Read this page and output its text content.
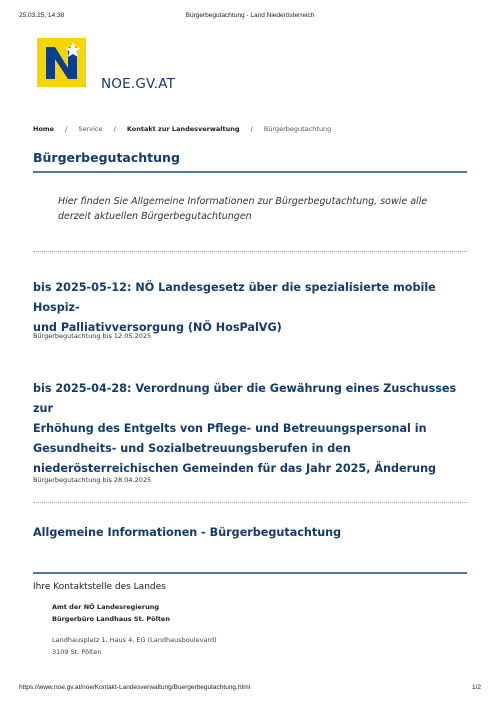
25.03.25, 14:38	Bürgerbegutachtung - Land Niederösterreich
NOE.GV.AT
Home / Service / Kontakt zur Landesverwaltung / Bürgerbegutachtung
Bürgerbegutachtung

Hier finden Sie Allgemeine Informationen zur Bürgerbegutachtung, sowie alle derzeit aktuellen Bürgerbegutachtungen

bis 2025-05-12: NÖ Landesgesetz über die spezialisierte mobile Hospiz-
und Palliativversorgung (NÖ HosPalVG)
Bürgerbegutachtung bis 12.05.2025
bis 2025-04-28: Verordnung über die Gewährung eines Zuschusses zur
Erhöhung des Entgelts von Pflege- und Betreuungspersonal in
Gesundheits- und Sozialbetreuungsberufen in den
niederösterreichischen Gemeinden für das Jahr 2025, Änderung
Bürgerbegutachtung bis 28.04.2025
Allgemeine Informationen - Bürgerbegutachtung
Ihre Kontaktstelle des Landes
Amt der NÖ Landesregierung
Bürgerbüro Landhaus St. Pölten
Landhausplatz 1, Haus 4, EG (Landhausboulevard)
3109 St. Pölten
https://www.noe.gv.at/noe/Kontakt-Landesverwaltung/Buergerbegutachtung.html	1/2
